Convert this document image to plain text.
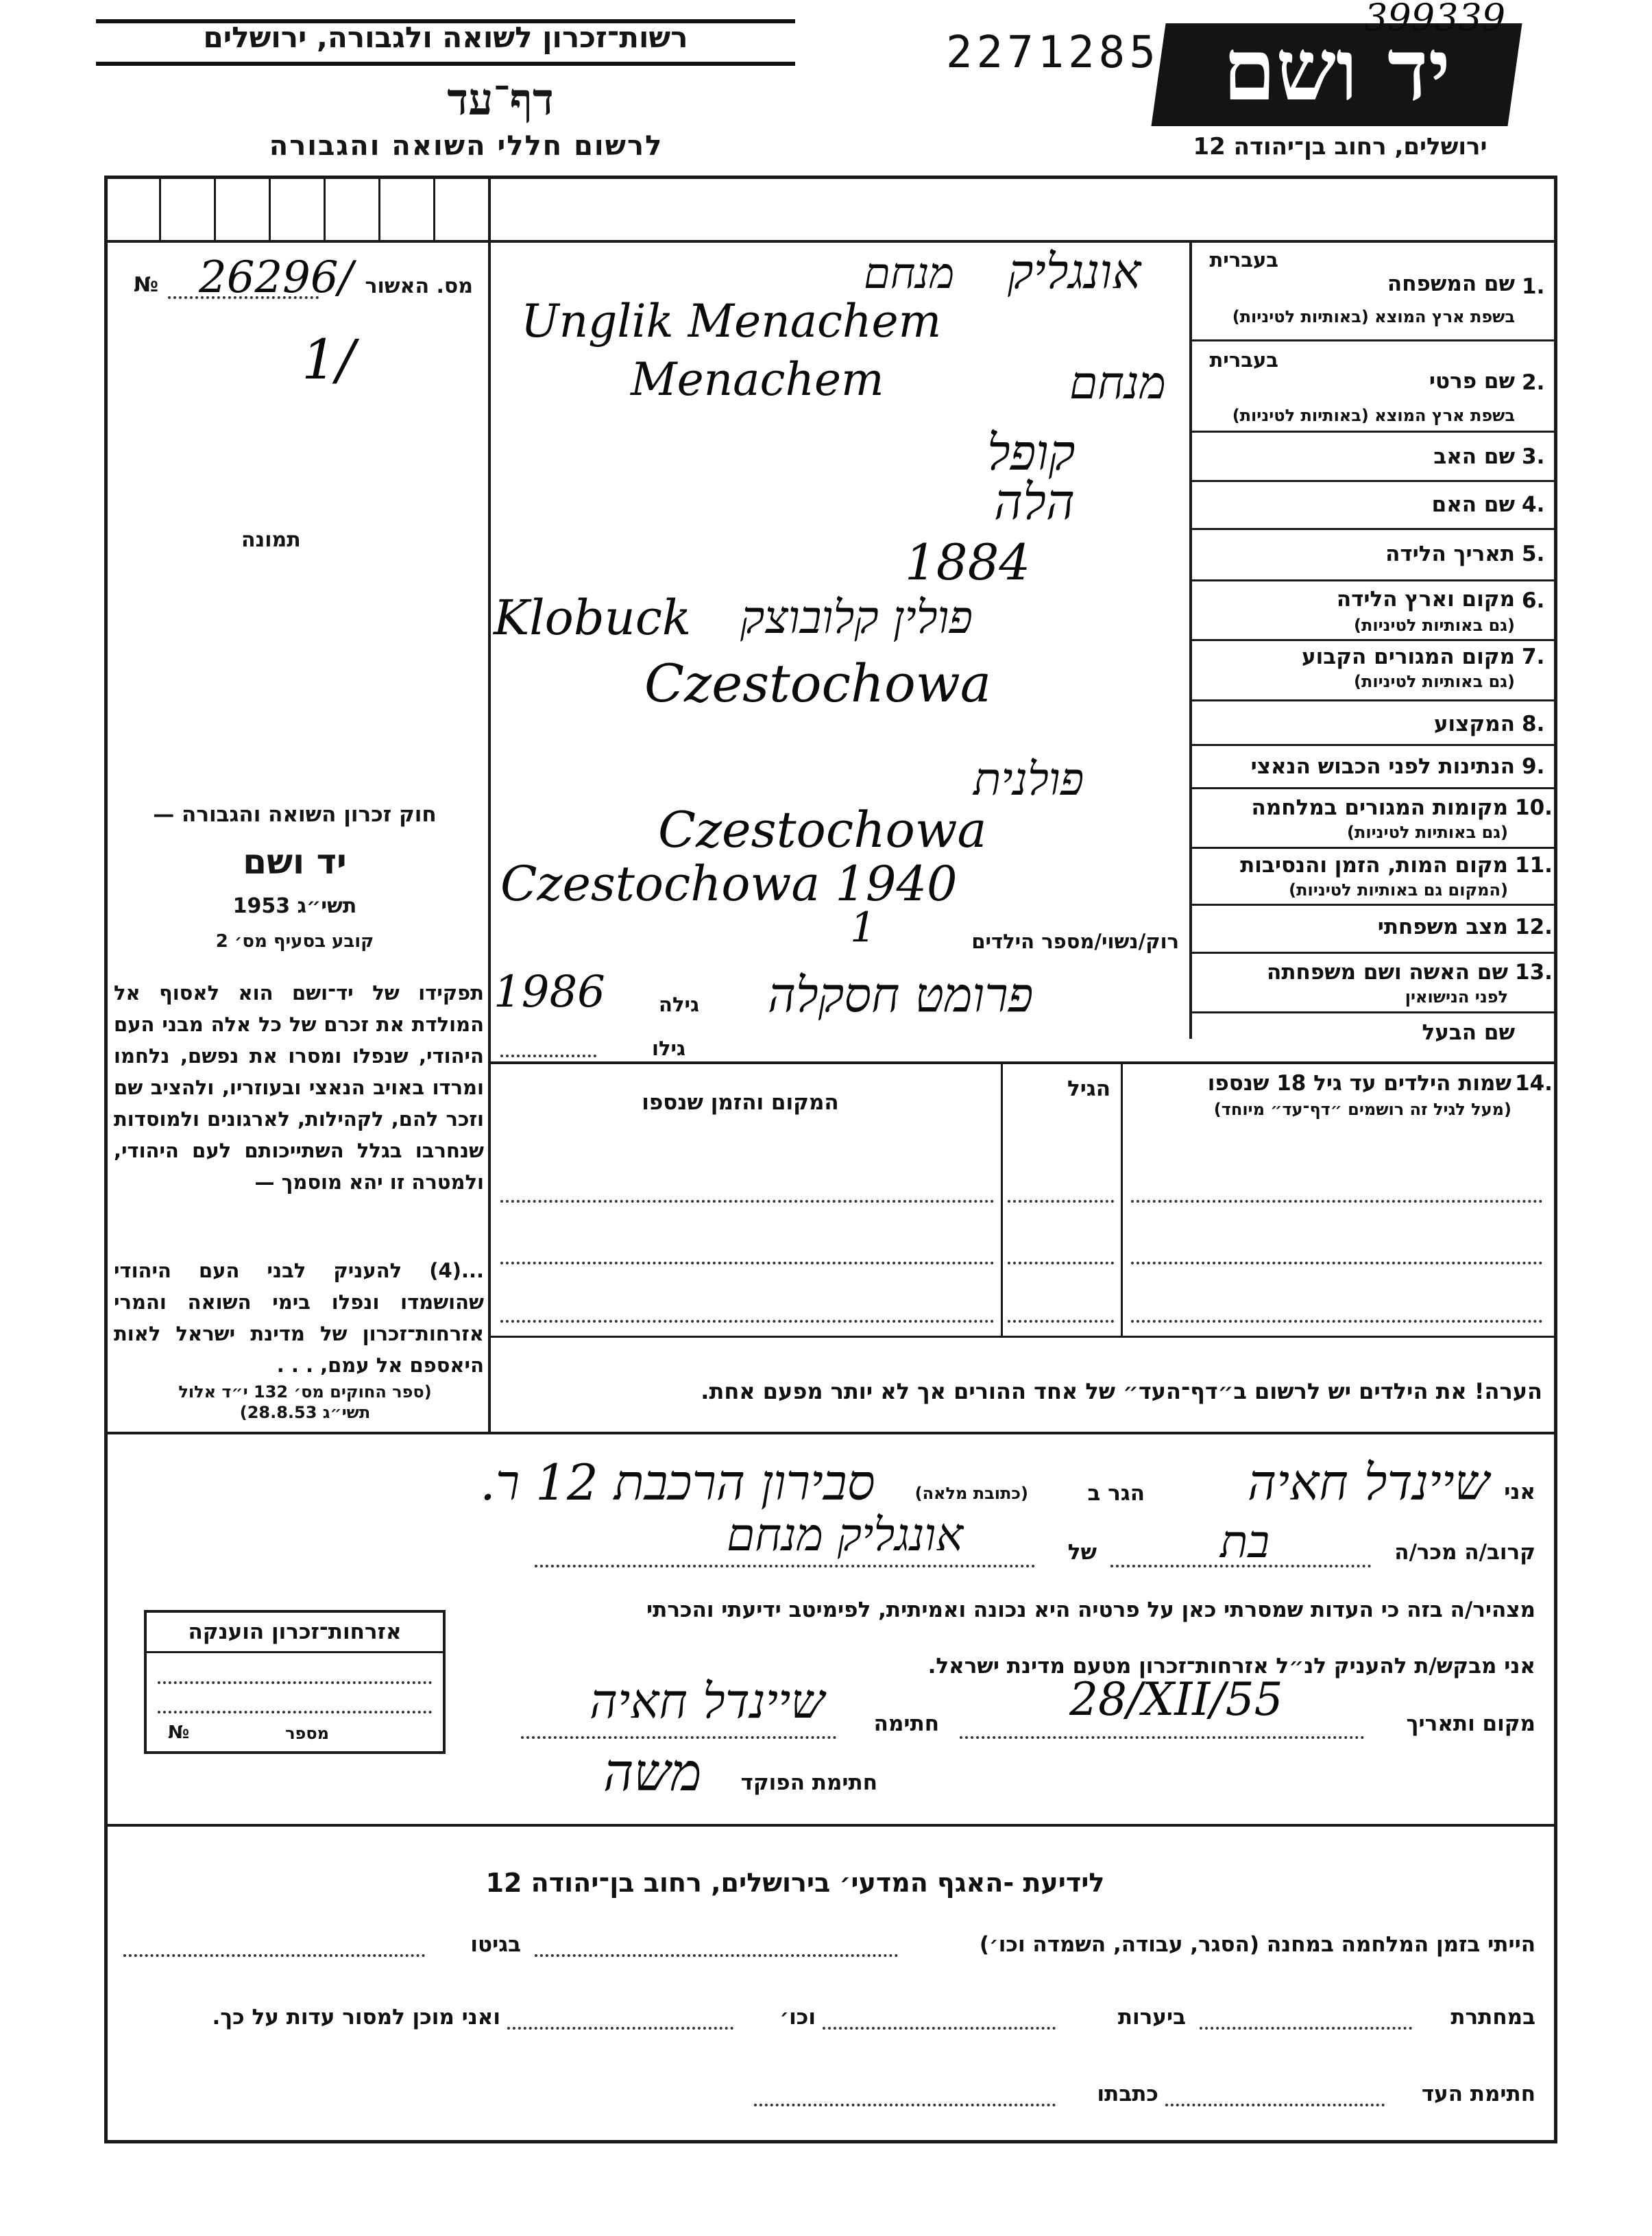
רשות־זכרון לשואה ולגבורה, ירושלים
דף־עד
לרשום חללי השואה והגבורה
2271285 יד ושם
ירושלים, רחוב בן־יהודה 12
399339
№ 26296/ מס. האשור
1/
תמונה
חוק זכרון השואה והגבורה —
יד ושם
תשי״ג 1953
קובע בסעיף מס׳ 2
תפקידו של יד־ושם הוא לאסוף אל המולדת את זכרם של כל אלה מבני העם היהודי, שנפלו ומסרו את נפשם, נלחמו ומרדו באויב הנאצי ובעוזריו, ולהציב שם וזכר להם, לקהילות, לארגונים ולמוסדות שנחרבו בגלל השתייכותם לעם היהודי, ולמטרה זו יהא מוסמך —
...(4) להעניק לבני העם היהודי שהושמדו ונפלו בימי השואה והמרי אזרחות־זכרון של מדינת ישראל לאות היאספם אל עמם, . . .
(ספר החוקים מס׳ 132 י״ד אלול תשי״ג 28.8.53)
1.
שם המשפחה
בשפת ארץ המוצא (באותיות לטיניות)
בעברית
2.
שם פרטי
בשפת ארץ המוצא (באותיות לטיניות)
בעברית
3.
שם האב
4.
שם האם
5.
תאריך הלידה
6.
מקום וארץ הלידה
(גם באותיות לטיניות)
7.
מקום המגורים הקבוע
(גם באותיות לטיניות)
8.
המקצוע
9.
הנתינות לפני הכבוש הנאצי
10.
מקומות המגורים במלחמה
(גם באותיות לטיניות)
11.
מקום המות, הזמן והנסיבות
(המקום גם באותיות לטיניות)
12.
מצב משפחתי
רוק/נשוי/מספר הילדים
13.
שם האשה ושם משפחתה
לפני הנישואין
גילה
שם הבעל
גילו
אונגליק
מנחם
Unglik Menachem
מנחם
Menachem
קופל
הלה
1884
Klobuck פולין קלובוצק
Czestochowa
פולנית
Czestochowa
Czestochowa 1940
1
1986	פרומט חסקלה
14.
שמות הילדים עד גיל 18 שנספו
(מעל לגיל זה רושמים ״דף־עד״ מיוחד)
הגיל
המקום והזמן שנספו
הערה! את הילדים יש לרשום ב״דף־העד״ של אחד ההורים אך לא יותר מפעם אחת.
אני
שיינדל חאיה
הגר ב
(כתובת מלאה)
סבירון הרכבת 12 ר.
קרוב/ה מכר/ה
בת
של
אונגליק מנחם
מצהיר/ה בזה כי העדות שמסרתי כאן על פרטיה היא נכונה ואמיתית, לפימיטב ידיעתי והכרתי
אני מבקש/ת להעניק לנ״ל אזרחות־זכרון מטעם מדינת ישראל.
מקום ותאריך
28/XII/55
חתימה
שיינדל חאיה
חתימת הפוקד
משה
אזרחות־זכרון הוענקה
מספר
№
לידיעת -האגף המדעי׳ בירושלים, רחוב בן־יהודה 12
הייתי בזמן המלחמה במחנה (הסגר, עבודה, השמדה וכו׳)
בגיטו
במחתרת
ביערות
וכו׳
ואני מוכן למסור עדות על כך.
חתימת העד
כתבתו
